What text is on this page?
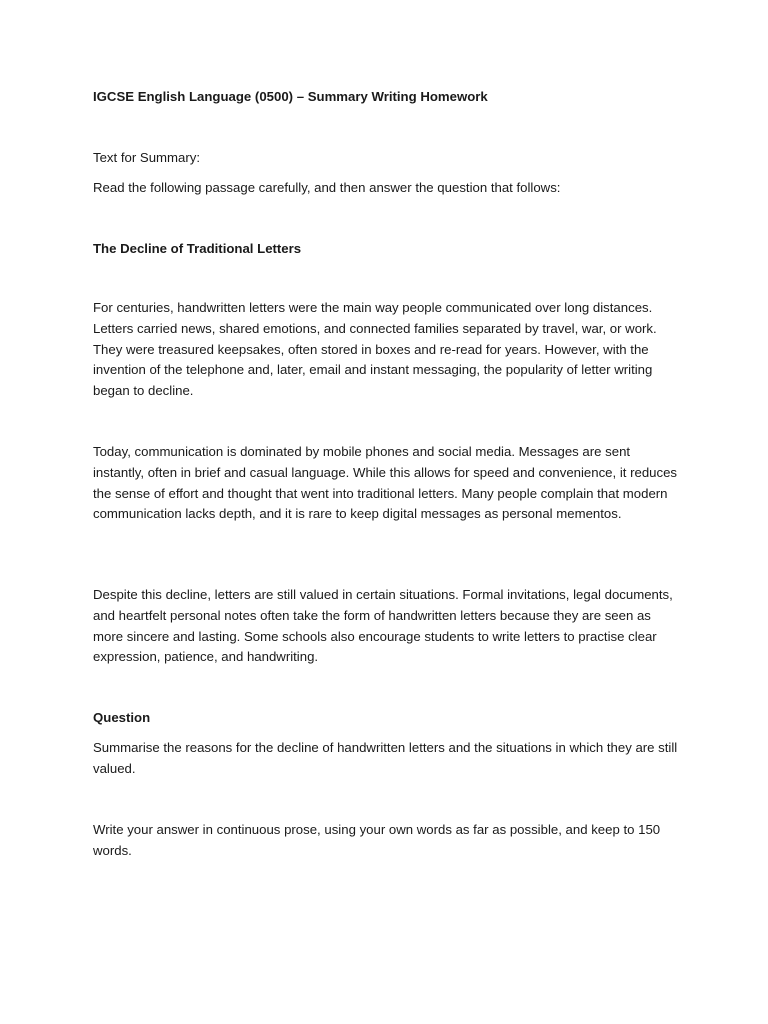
IGCSE English Language (0500) – Summary Writing Homework

Text for Summary:

Read the following passage carefully, and then answer the question that follows:

The Decline of Traditional Letters

For centuries, handwritten letters were the main way people communicated over long distances. Letters carried news, shared emotions, and connected families separated by travel, war, or work. They were treasured keepsakes, often stored in boxes and re-read for years. However, with the invention of the telephone and, later, email and instant messaging, the popularity of letter writing began to decline.

Today, communication is dominated by mobile phones and social media. Messages are sent instantly, often in brief and casual language. While this allows for speed and convenience, it reduces the sense of effort and thought that went into traditional letters. Many people complain that modern communication lacks depth, and it is rare to keep digital messages as personal mementos.

Despite this decline, letters are still valued in certain situations. Formal invitations, legal documents, and heartfelt personal notes often take the form of handwritten letters because they are seen as more sincere and lasting. Some schools also encourage students to write letters to practise clear expression, patience, and handwriting.

Question

Summarise the reasons for the decline of handwritten letters and the situations in which they are still valued.

Write your answer in continuous prose, using your own words as far as possible, and keep to 150 words.
